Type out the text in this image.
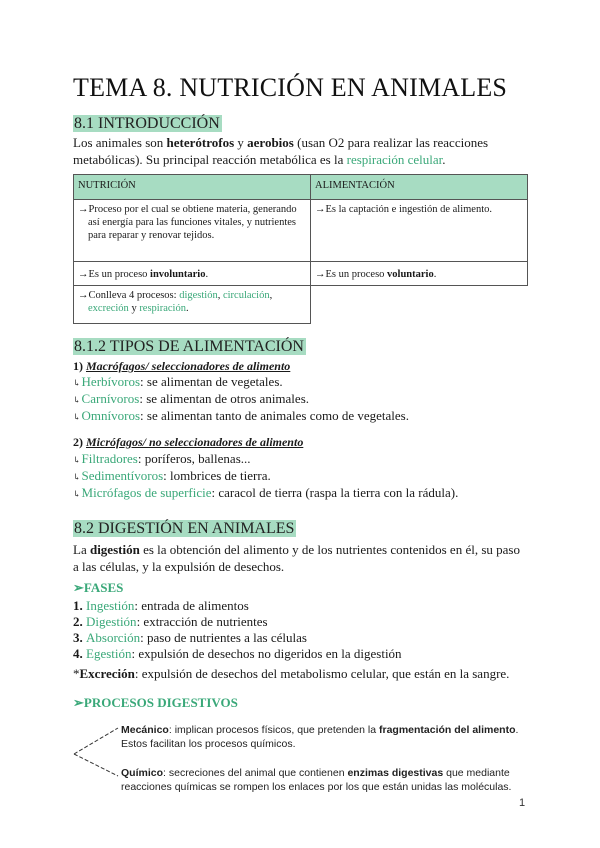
TEMA 8. NUTRICIÓN EN ANIMALES
8.1 INTRODUCCIÓN
Los animales son heterótrofos y aerobios (usan O2 para realizar las reacciones metabólicas). Su principal reacción metabólica es la respiración celular.
NUTRICIÓN	ALIMENTACIÓN

→Proceso por el cual se obtiene materia, generando así energía para las funciones vitales, y nutrientes para reparar y renovar tejidos.	→Es la captación e ingestión de alimento.
→Es un proceso involuntario.	→Es un proceso voluntario.

→Conlleva 4 procesos: digestión, circulación, excreción y respiración.	

8.1.2 TIPOS DE ALIMENTACIÓN
1) Macrófagos/ seleccionadores de alimento
↳Herbívoros: se alimentan de vegetales.
↳Carnívoros: se alimentan de otros animales.
↳Omnívoros: se alimentan tanto de animales como de vegetales.
2) Micrófagos/ no seleccionadores de alimento
↳Filtradores: poríferos, ballenas...
↳Sedimentívoros: lombrices de tierra.
↳Micrófagos de superficie: caracol de tierra (raspa la tierra con la rádula).
8.2 DIGESTIÓN EN ANIMALES
La digestión es la obtención del alimento y de los nutrientes contenidos en él, su paso a las células, y la expulsión de desechos.
➢FASES
1. Ingestión: entrada de alimentos
2. Digestión: extracción de nutrientes
3. Absorción: paso de nutrientes a las células
4. Egestión: expulsión de desechos no digeridos en la digestión
*Excreción: expulsión de desechos del metabolismo celular, que están en la sangre.
➢PROCESOS DIGESTIVOS
Mecánico: implican procesos físicos, que pretenden la fragmentación del alimento.
Estos facilitan los procesos químicos.
Químico: secreciones del animal que contienen enzimas digestivas que mediante
reacciones químicas se rompen los enlaces por los que están unidas las moléculas.
1
